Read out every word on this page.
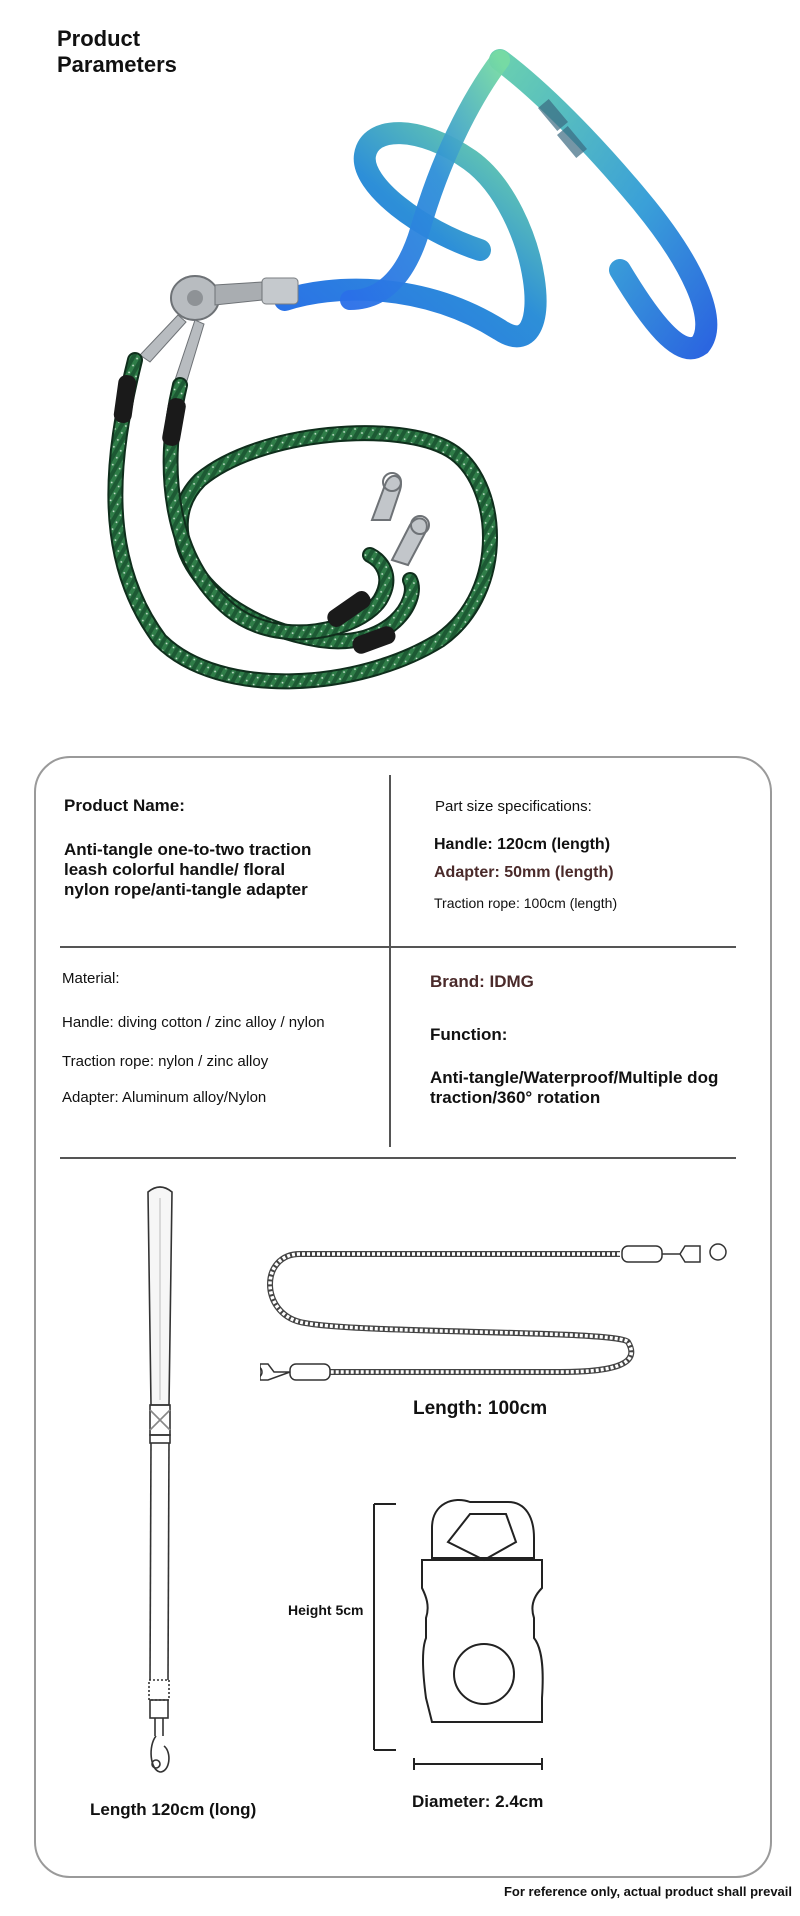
Product
Parameters
Product Name:
Anti-tangle one-to-two traction leash colorful handle/ floral nylon rope/anti-tangle adapter
Part size specifications:
Handle: 120cm (length)
Adapter: 50mm (length)
Traction rope: 100cm (length)
Material:
Handle: diving cotton / zinc alloy / nylon
Traction rope: nylon / zinc alloy
Adapter: Aluminum alloy/Nylon
Brand: IDMG
Function:
Anti-tangle/Waterproof/Multiple dog traction/360° rotation
Length 120cm (long)
Length: 100cm
Height 5cm
Diameter: 2.4cm
For reference only, actual product shall prevail
